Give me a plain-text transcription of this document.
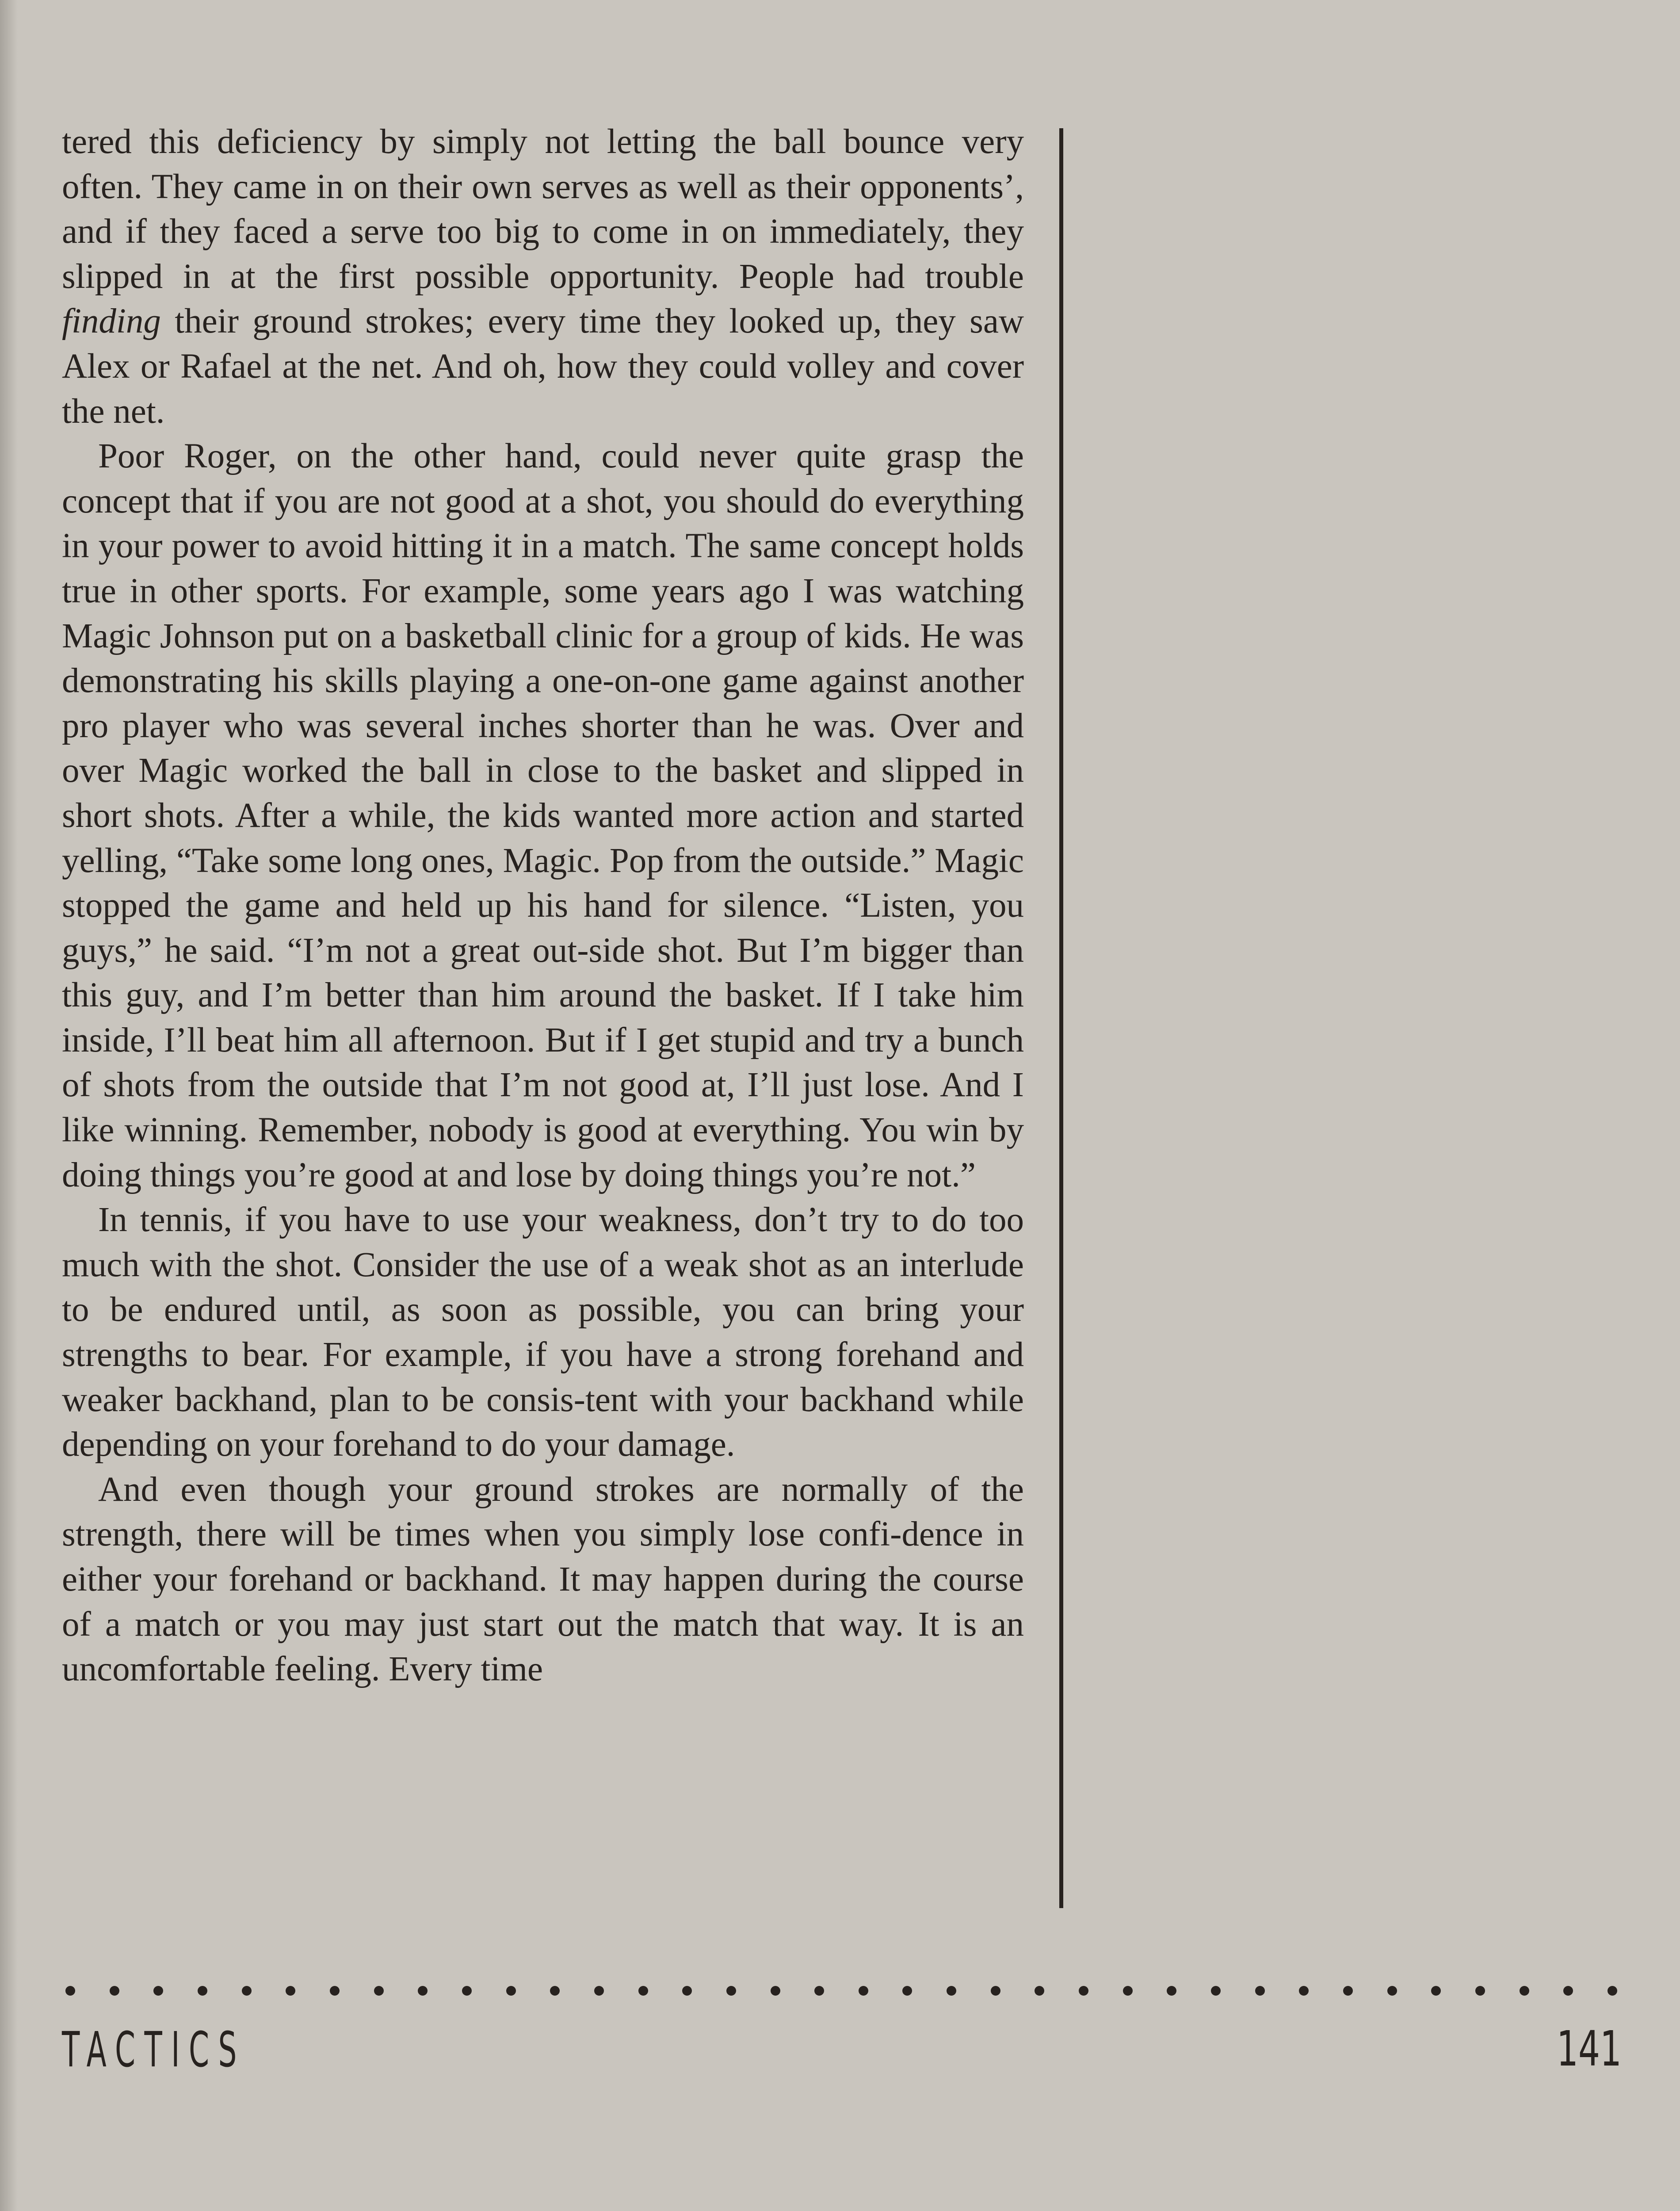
tered this deficiency by simply not letting the ball bounce very often. They came in on their own serves as well as their opponents’, and if they faced a serve too big to come in on immediately, they slipped in at the first possible opportunity. People had trouble finding their ground strokes; every time they looked up, they saw Alex or Rafael at the net. And oh, how they could volley and cover the net.

Poor Roger, on the other hand, could never quite grasp the concept that if you are not good at a shot, you should do everything in your power to avoid hitting it in a match. The same concept holds true in other sports. For example, some years ago I was watching Magic Johnson put on a basketball clinic for a group of kids. He was demonstrating his skills playing a one-on-one game against another pro player who was several inches shorter than he was. Over and over Magic worked the ball in close to the basket and slipped in short shots. After a while, the kids wanted more action and started yelling, “Take some long ones, Magic. Pop from the outside.” Magic stopped the game and held up his hand for silence. “Listen, you guys,” he said. “I’m not a great out-side shot. But I’m bigger than this guy, and I’m better than him around the basket. If I take him inside, I’ll beat him all afternoon. But if I get stupid and try a bunch of shots from the outside that I’m not good at, I’ll just lose. And I like winning. Remember, nobody is good at everything. You win by doing things you’re good at and lose by doing things you’re not.”

In tennis, if you have to use your weakness, don’t try to do too much with the shot. Consider the use of a weak shot as an interlude to be endured until, as soon as possible, you can bring your strengths to bear. For example, if you have a strong forehand and weaker backhand, plan to be consis-tent with your backhand while depending on your forehand to do your damage.

And even though your ground strokes are normally of the strength, there will be times when you simply lose confi-dence in either your forehand or backhand. It may happen during the course of a match or you may just start out the match that way. It is an uncomfortable feeling. Every time

TACTICS	141
